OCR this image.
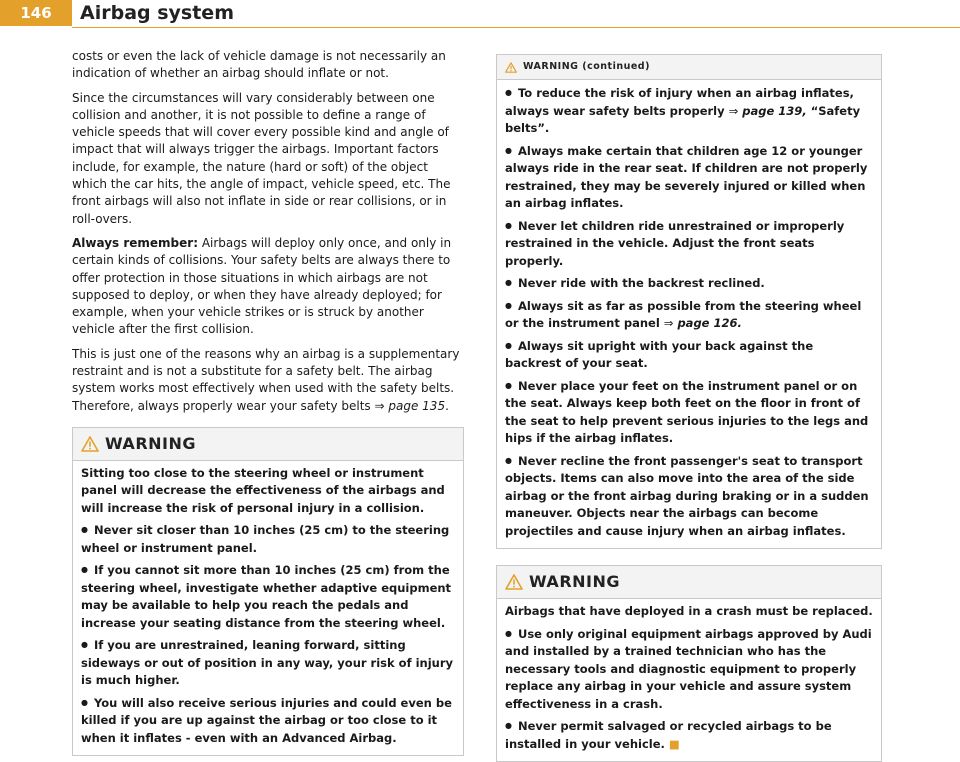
146	Airbag system

costs or even the lack of vehicle damage is not necessarily an indication of whether an airbag should inflate or not.

Since the circumstances will vary considerably between one collision and another, it is not possible to define a range of vehicle speeds that will cover every possible kind and angle of impact that will always trigger the airbags. Important factors include, for example, the nature (hard or soft) of the object which the car hits, the angle of impact, vehicle speed, etc. The front airbags will also not inflate in side or rear collisions, or in roll-overs.

Always remember: Airbags will deploy only once, and only in certain kinds of collisions. Your safety belts are always there to offer protection in those situations in which airbags are not supposed to deploy, or when they have already deployed; for example, when your vehicle strikes or is struck by another vehicle after the first collision.

This is just one of the reasons why an airbag is a supplementary restraint and is not a substitute for a safety belt. The airbag system works most effectively when used with the safety belts. Therefore, always properly wear your safety belts ⇒ page 135.

WARNING

Sitting too close to the steering wheel or instrument panel will decrease the effectiveness of the airbags and will increase the risk of personal injury in a collision.

● Never sit closer than 10 inches (25 cm) to the steering wheel or instrument panel.

● If you cannot sit more than 10 inches (25 cm) from the steering wheel, investigate whether adaptive equipment may be available to help you reach the pedals and increase your seating distance from the steering wheel.

● If you are unrestrained, leaning forward, sitting sideways or out of position in any way, your risk of injury is much higher.

● You will also receive serious injuries and could even be killed if you are up against the airbag or too close to it when it inflates - even with an Advanced Airbag.

WARNING (continued)

● To reduce the risk of injury when an airbag inflates, always wear safety belts properly ⇒ page 139, “Safety belts”.

● Always make certain that children age 12 or younger always ride in the rear seat. If children are not properly restrained, they may be severely injured or killed when an airbag inflates.

● Never let children ride unrestrained or improperly restrained in the vehicle. Adjust the front seats properly.

● Never ride with the backrest reclined.

● Always sit as far as possible from the steering wheel or the instrument panel ⇒ page 126.

● Always sit upright with your back against the backrest of your seat.

● Never place your feet on the instrument panel or on the seat. Always keep both feet on the floor in front of the seat to help prevent serious injuries to the legs and hips if the airbag inflates.

● Never recline the front passenger's seat to transport objects. Items can also move into the area of the side airbag or the front airbag during braking or in a sudden maneuver. Objects near the airbags can become projectiles and cause injury when an airbag inflates.

WARNING

Airbags that have deployed in a crash must be replaced.

● Use only original equipment airbags approved by Audi and installed by a trained technician who has the necessary tools and diagnostic equipment to properly replace any airbag in your vehicle and assure system effectiveness in a crash.

● Never permit salvaged or recycled airbags to be installed in your vehicle. ■
